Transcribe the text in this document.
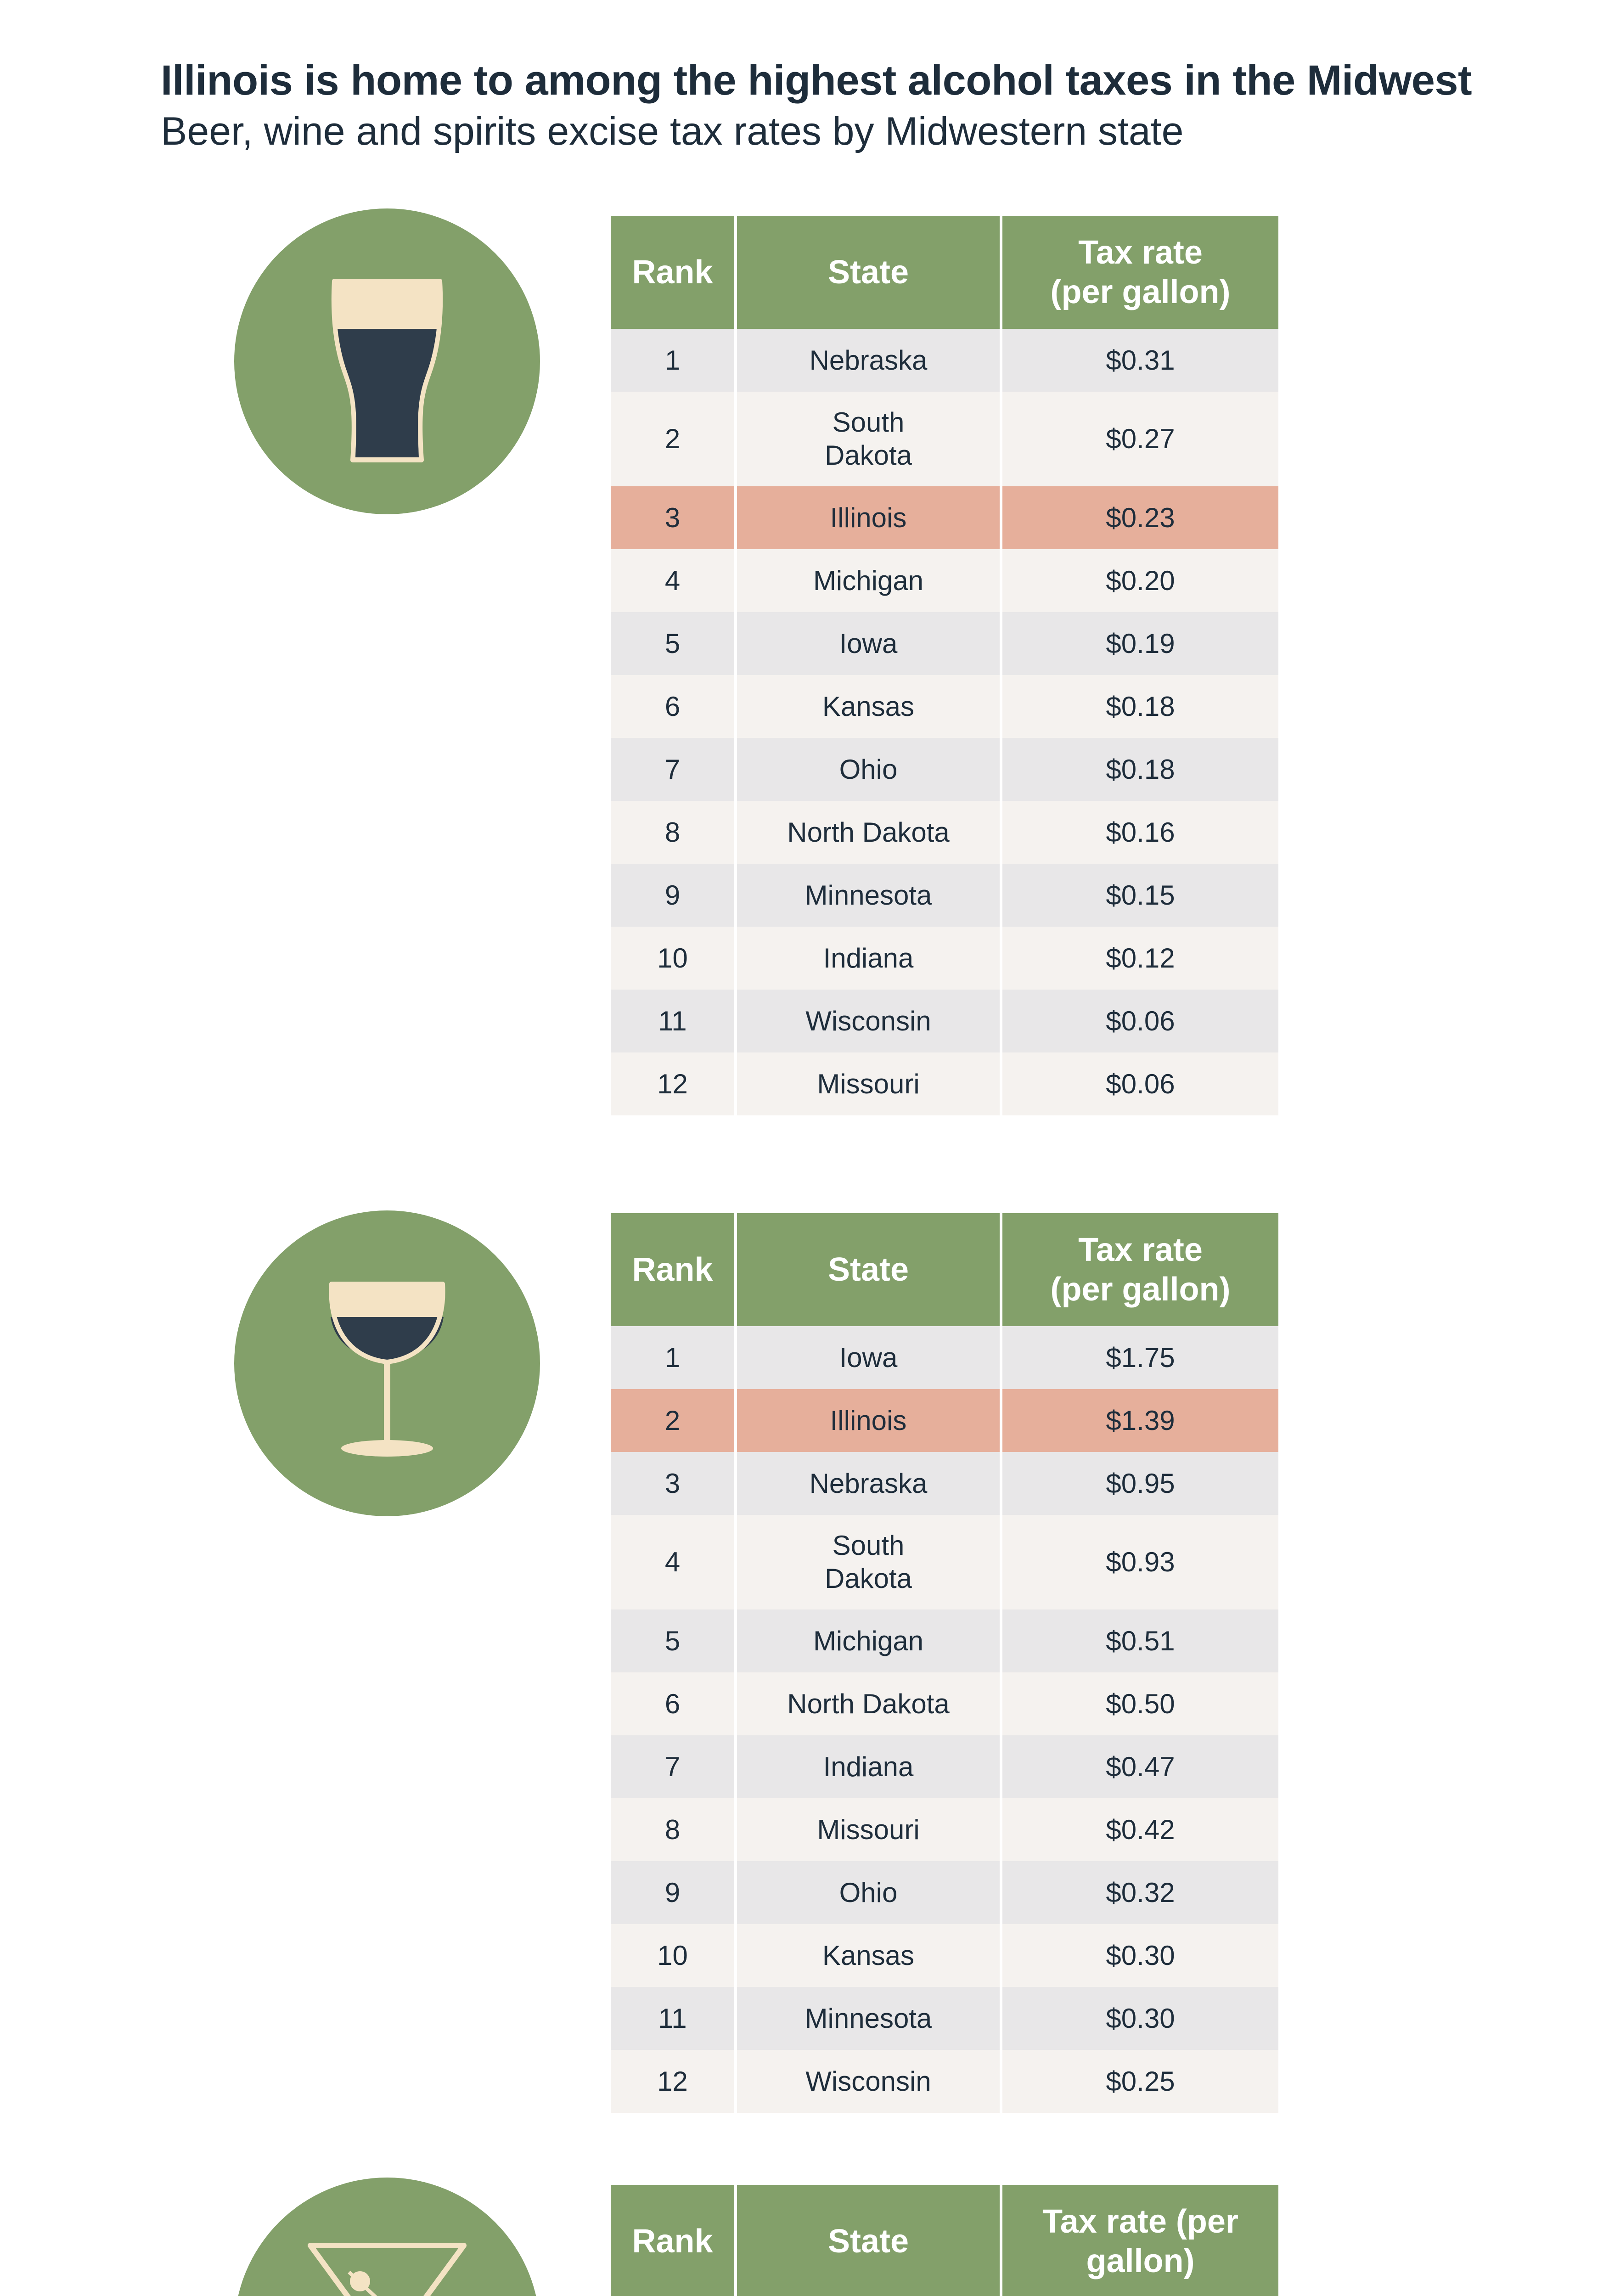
Illinois is home to among the highest alcohol taxes in the Midwest

Beer, wine and spirits excise tax rates by Midwestern state

Rank	State	Tax rate
(per gallon)
1	Nebraska	$0.31
2	South
Dakota	$0.27
3	Illinois	$0.23
4	Michigan	$0.20
5	Iowa	$0.19
6	Kansas	$0.18
7	Ohio	$0.18
8	North Dakota	$0.16
9	Minnesota	$0.15
10	Indiana	$0.12
11	Wisconsin	$0.06
12	Missouri	$0.06
Rank	State	Tax rate
(per gallon)
1	Iowa	$1.75
2	Illinois	$1.39
3	Nebraska	$0.95
4	South
Dakota	$0.93
5	Michigan	$0.51
6	North Dakota	$0.50
7	Indiana	$0.47
8	Missouri	$0.42
9	Ohio	$0.32
10	Kansas	$0.30
11	Minnesota	$0.30
12	Wisconsin	$0.25
Rank	State	Tax rate (per
gallon)
